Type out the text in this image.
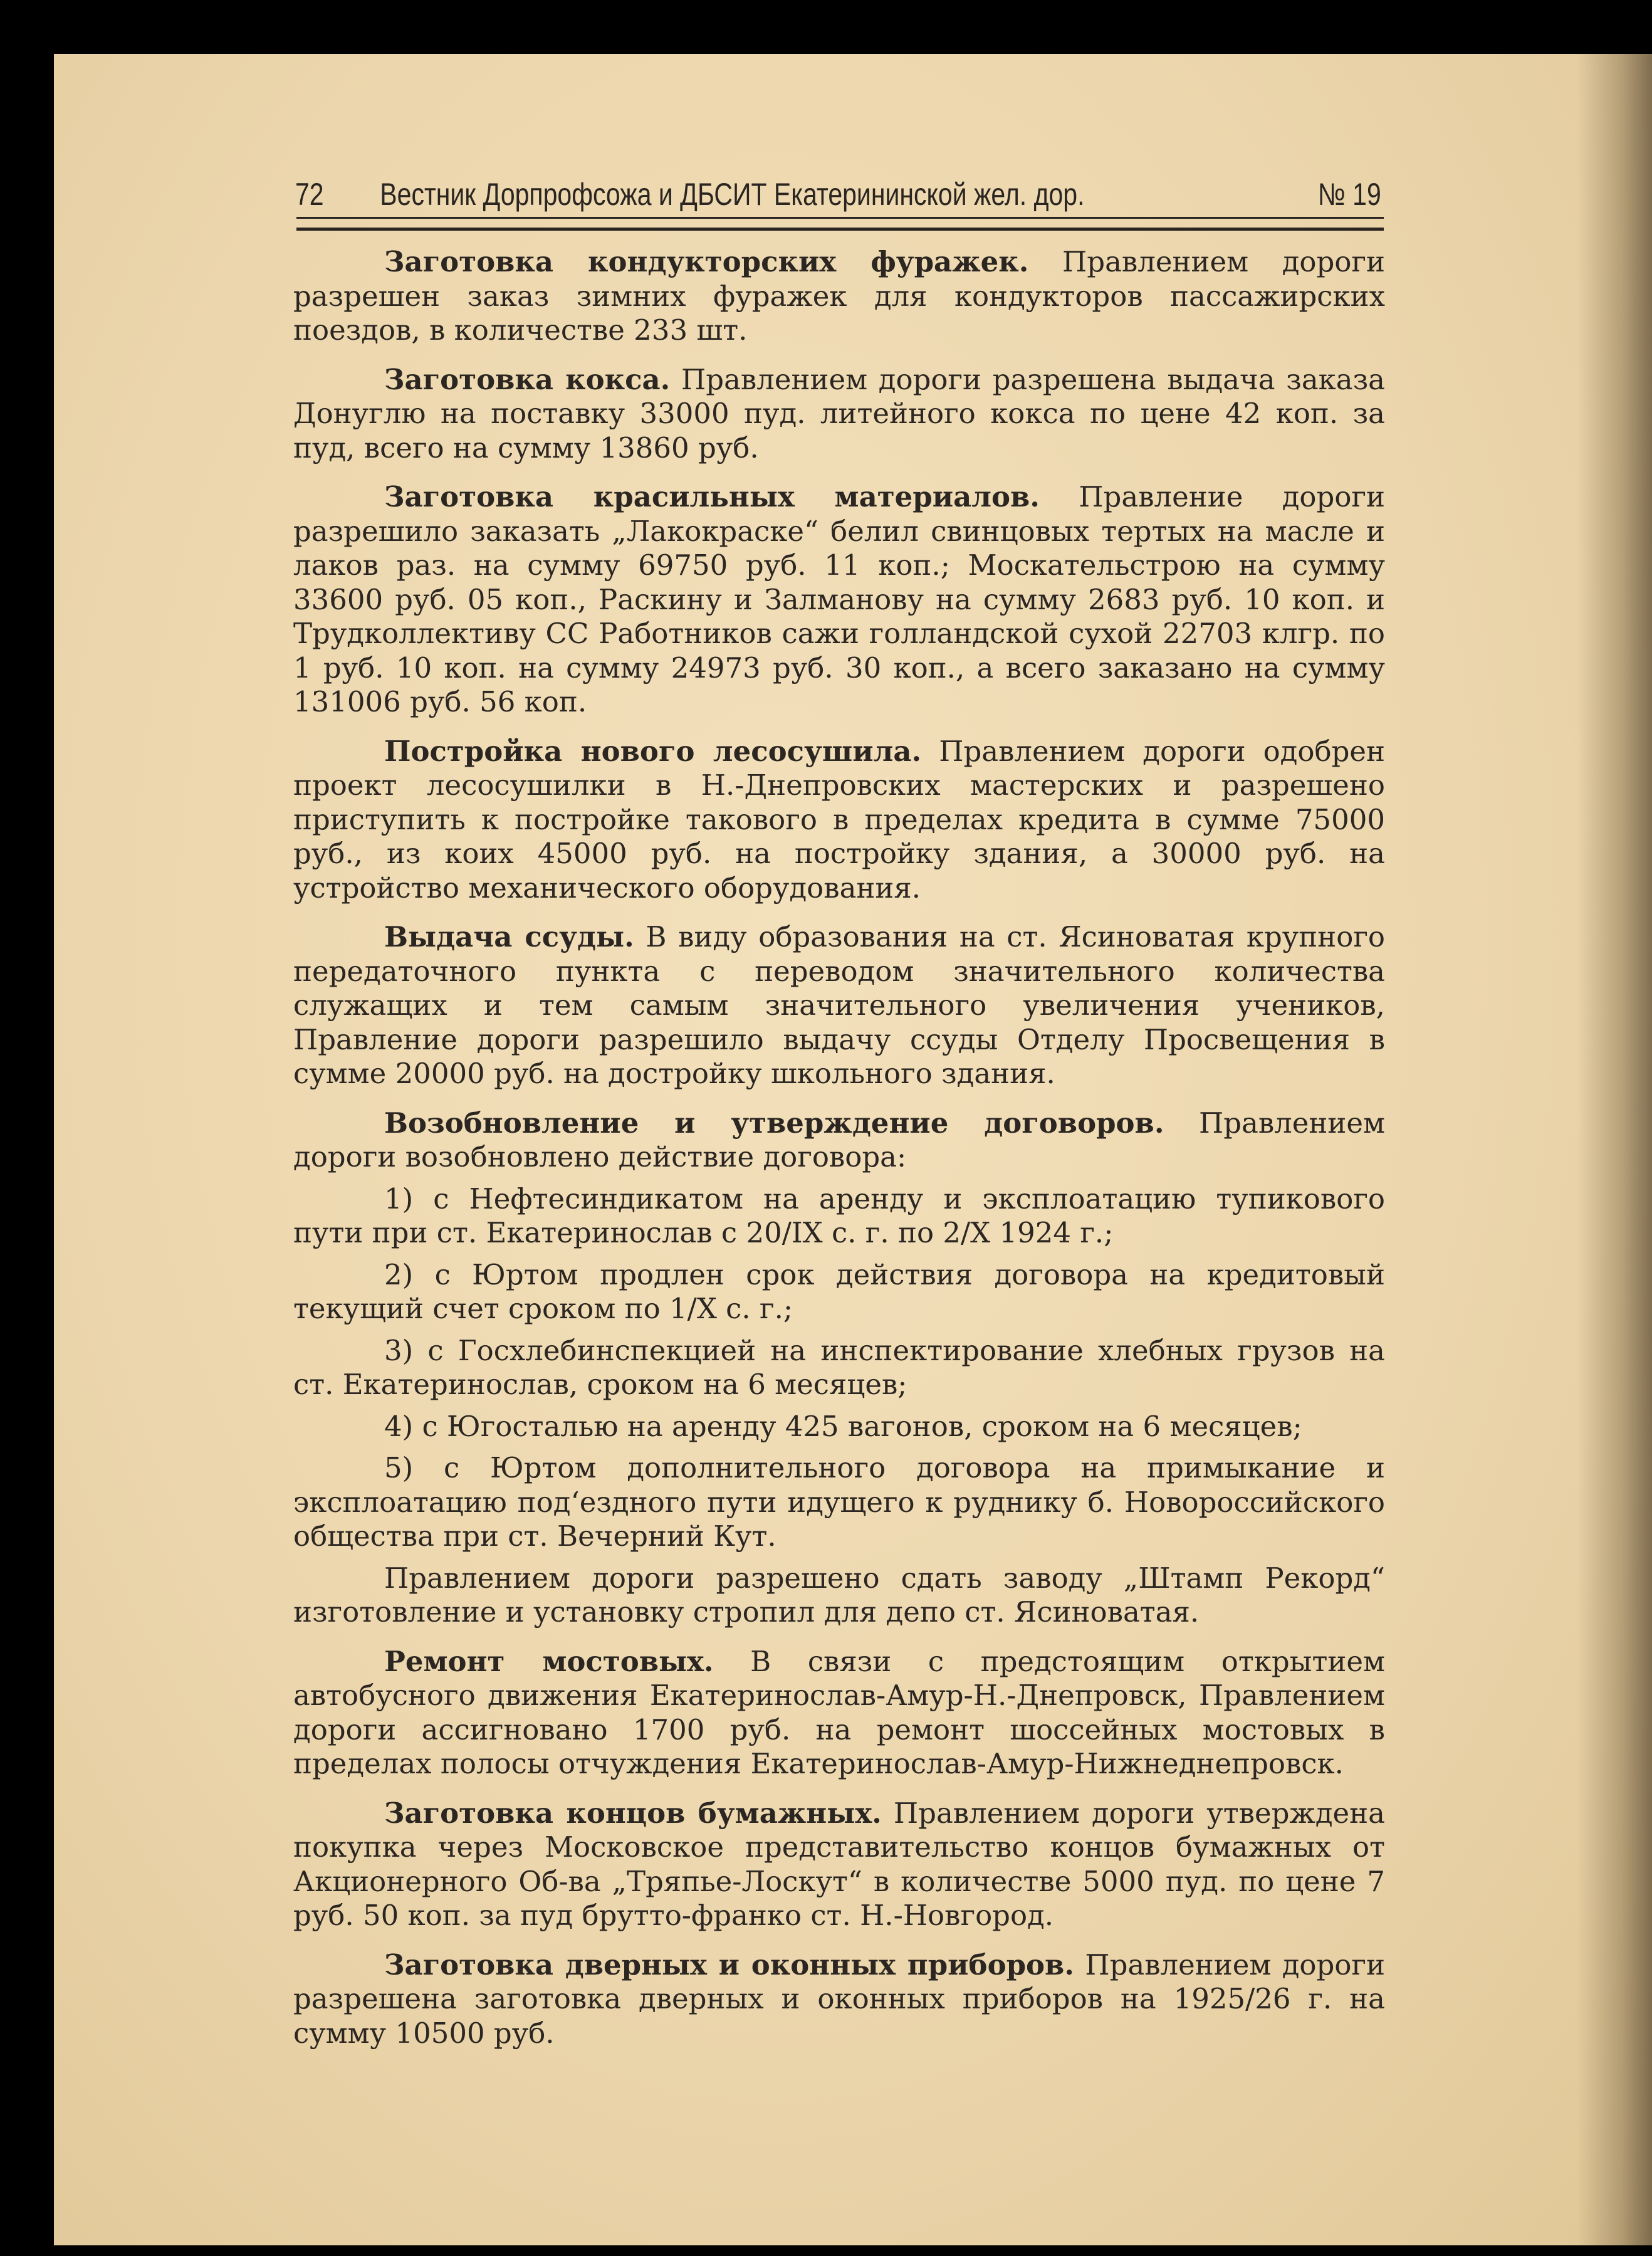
72 Вестник Дорпрофсожа и ДБСИТ Екатерининской жел. дор.	№ 19

Заготовка кондукторских фуражек. Правлением дороги разрешен заказ зимних фуражек для кондукторов пассажирских поездов, в количестве 233 шт.

Заготовка кокса. Правлением дороги разрешена выдача заказа Донуглю на поставку 33000 пуд. литейного кокса по цене 42 коп. за пуд, всего на сумму 13860 руб.

Заготовка красильных материалов. Правление дороги разрешило заказать „Лакокраске“ белил свинцовых тертых на масле и лаков раз. на сумму 69750 руб. 11 коп.; Москательстрою на сумму 33600 руб. 05 коп., Раскину и Залманову на сумму 2683 руб. 10 коп. и Трудколлективу СС Работников сажи голландской сухой 22703 клгр. по 1 руб. 10 коп. на сумму 24973 руб. 30 коп., а всего заказано на сумму 131006 руб. 56 коп.

Постройка нового лесосушила. Правлением дороги одобрен проект лесосушилки в Н.-Днепровских мастерских и разрешено приступить к постройке такового в пределах кредита в сумме 75000 руб., из коих 45000 руб. на постройку здания, а 30000 руб. на устройство механического оборудования.

Выдача ссуды. В виду образования на ст. Ясиноватая крупного передаточного пункта с переводом значительного количества служащих и тем самым значительного увеличения учеников, Правление дороги разрешило выдачу ссуды Отделу Просвещения в сумме 20000 руб. на достройку школьного здания.

Возобновление и утверждение договоров. Правлением дороги возобновлено действие договора:

1) с Нефтесиндикатом на аренду и эксплоатацию тупикового пути при ст. Екатеринослав с 20/IX с. г. по 2/X 1924 г.;

2) с Юртом продлен срок действия договора на кредитовый текущий счет сроком по 1/X с. г.;

3) с Госхлебинспекцией на инспектирование хлебных грузов на ст. Екатеринослав, сроком на 6 месяцев;

4) с Югосталью на аренду 425 вагонов, сроком на 6 месяцев;

5) с Юртом дополнительного договора на примыкание и эксплоатацию под‘ездного пути идущего к руднику б. Новороссийского общества при ст. Вечерний Кут.

Правлением дороги разрешено сдать заводу „Штамп Рекорд“ изготовление и установку стропил для депо ст. Ясиноватая.

Ремонт мостовых. В связи с предстоящим открытием автобусного движения Екатеринослав-Амур-Н.-Днепровск, Правлением дороги ассигновано 1700 руб. на ремонт шоссейных мостовых в пределах полосы отчуждения Екатеринослав-Амур-Нижнеднепровск.

Заготовка концов бумажных. Правлением дороги утверждена покупка через Московское представительство концов бумажных от Акционерного Об-ва „Тряпье-Лоскут“ в количестве 5000 пуд. по цене 7 руб. 50 коп. за пуд брутто-франко ст. Н.-Новгород.

Заготовка дверных и оконных приборов. Правлением дороги разрешена заготовка дверных и оконных приборов на 1925/26 г. на сумму 10500 руб.
